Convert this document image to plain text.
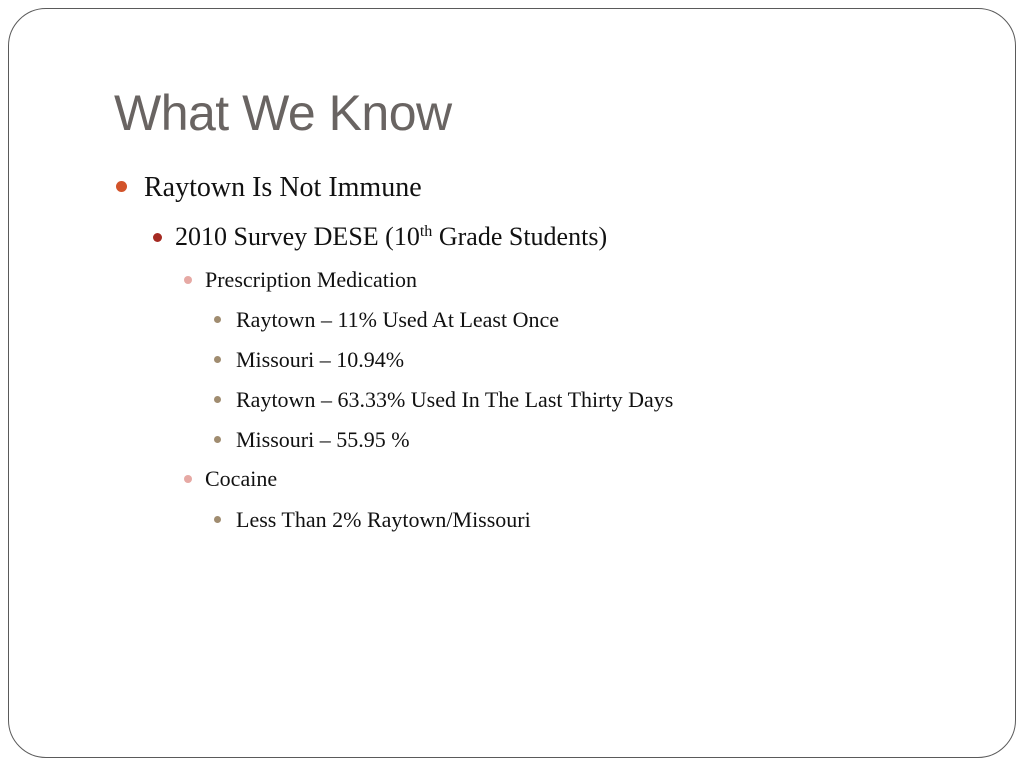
What We Know
Raytown Is Not Immune
2010 Survey DESE (10th Grade Students)
Prescription Medication
Raytown – 11% Used At Least Once
Missouri – 10.94%
Raytown – 63.33% Used In The Last Thirty Days
Missouri – 55.95 %
Cocaine
Less Than 2% Raytown/Missouri
